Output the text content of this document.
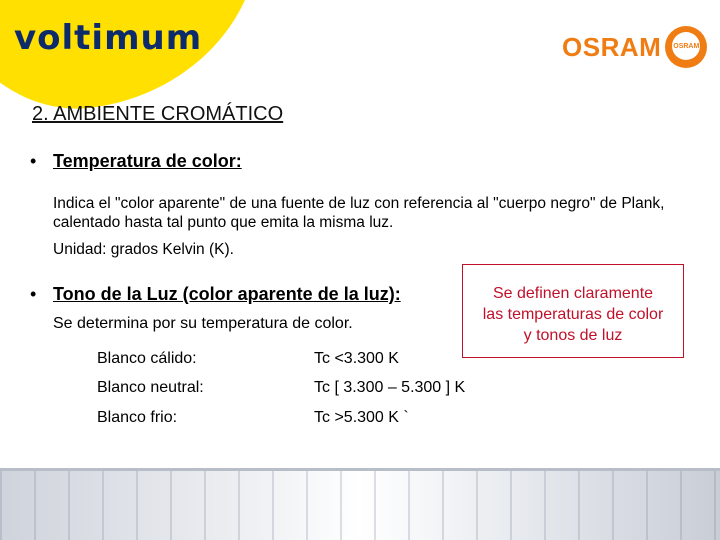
voltimum	OSRAM OSRAM
2. AMBIENTE CROMÁTICO
• Temperatura de color:
Indica el "color aparente" de una fuente de luz con referencia al "cuerpo negro" de Plank, calentado hasta tal punto que emita la misma luz.
Unidad: grados Kelvin (K).
• Tono de la Luz (color aparente de la luz):
Se determina por su temperatura de color.
Se definen claramente
las temperaturas de color
y tonos de luz
Blanco cálido:	Tc <3.300 K
Blanco neutral:	Tc [ 3.300 – 5.300 ] K
Blanco frio:	Tc >5.300 K `
